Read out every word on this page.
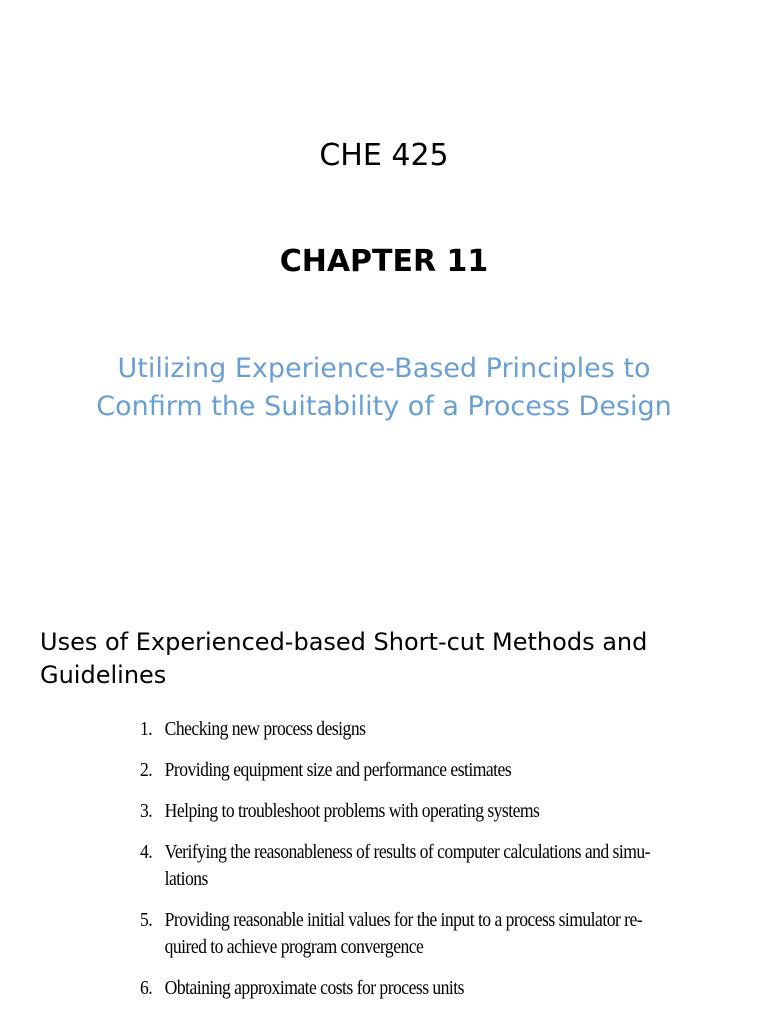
CHE 425
CHAPTER 11
Utilizing Experience-Based Principles to
Confirm the Suitability of a Process Design
Uses of Experienced-based Short-cut Methods and
Guidelines
1. Checking new process designs
2. Providing equipment size and performance estimates
3. Helping to troubleshoot problems with operating systems
4. Verifying the reasonableness of results of computer calculations and simu-
lations
5. Providing reasonable initial values for the input to a process simulator re-
quired to achieve program convergence
6. Obtaining approximate costs for process units
